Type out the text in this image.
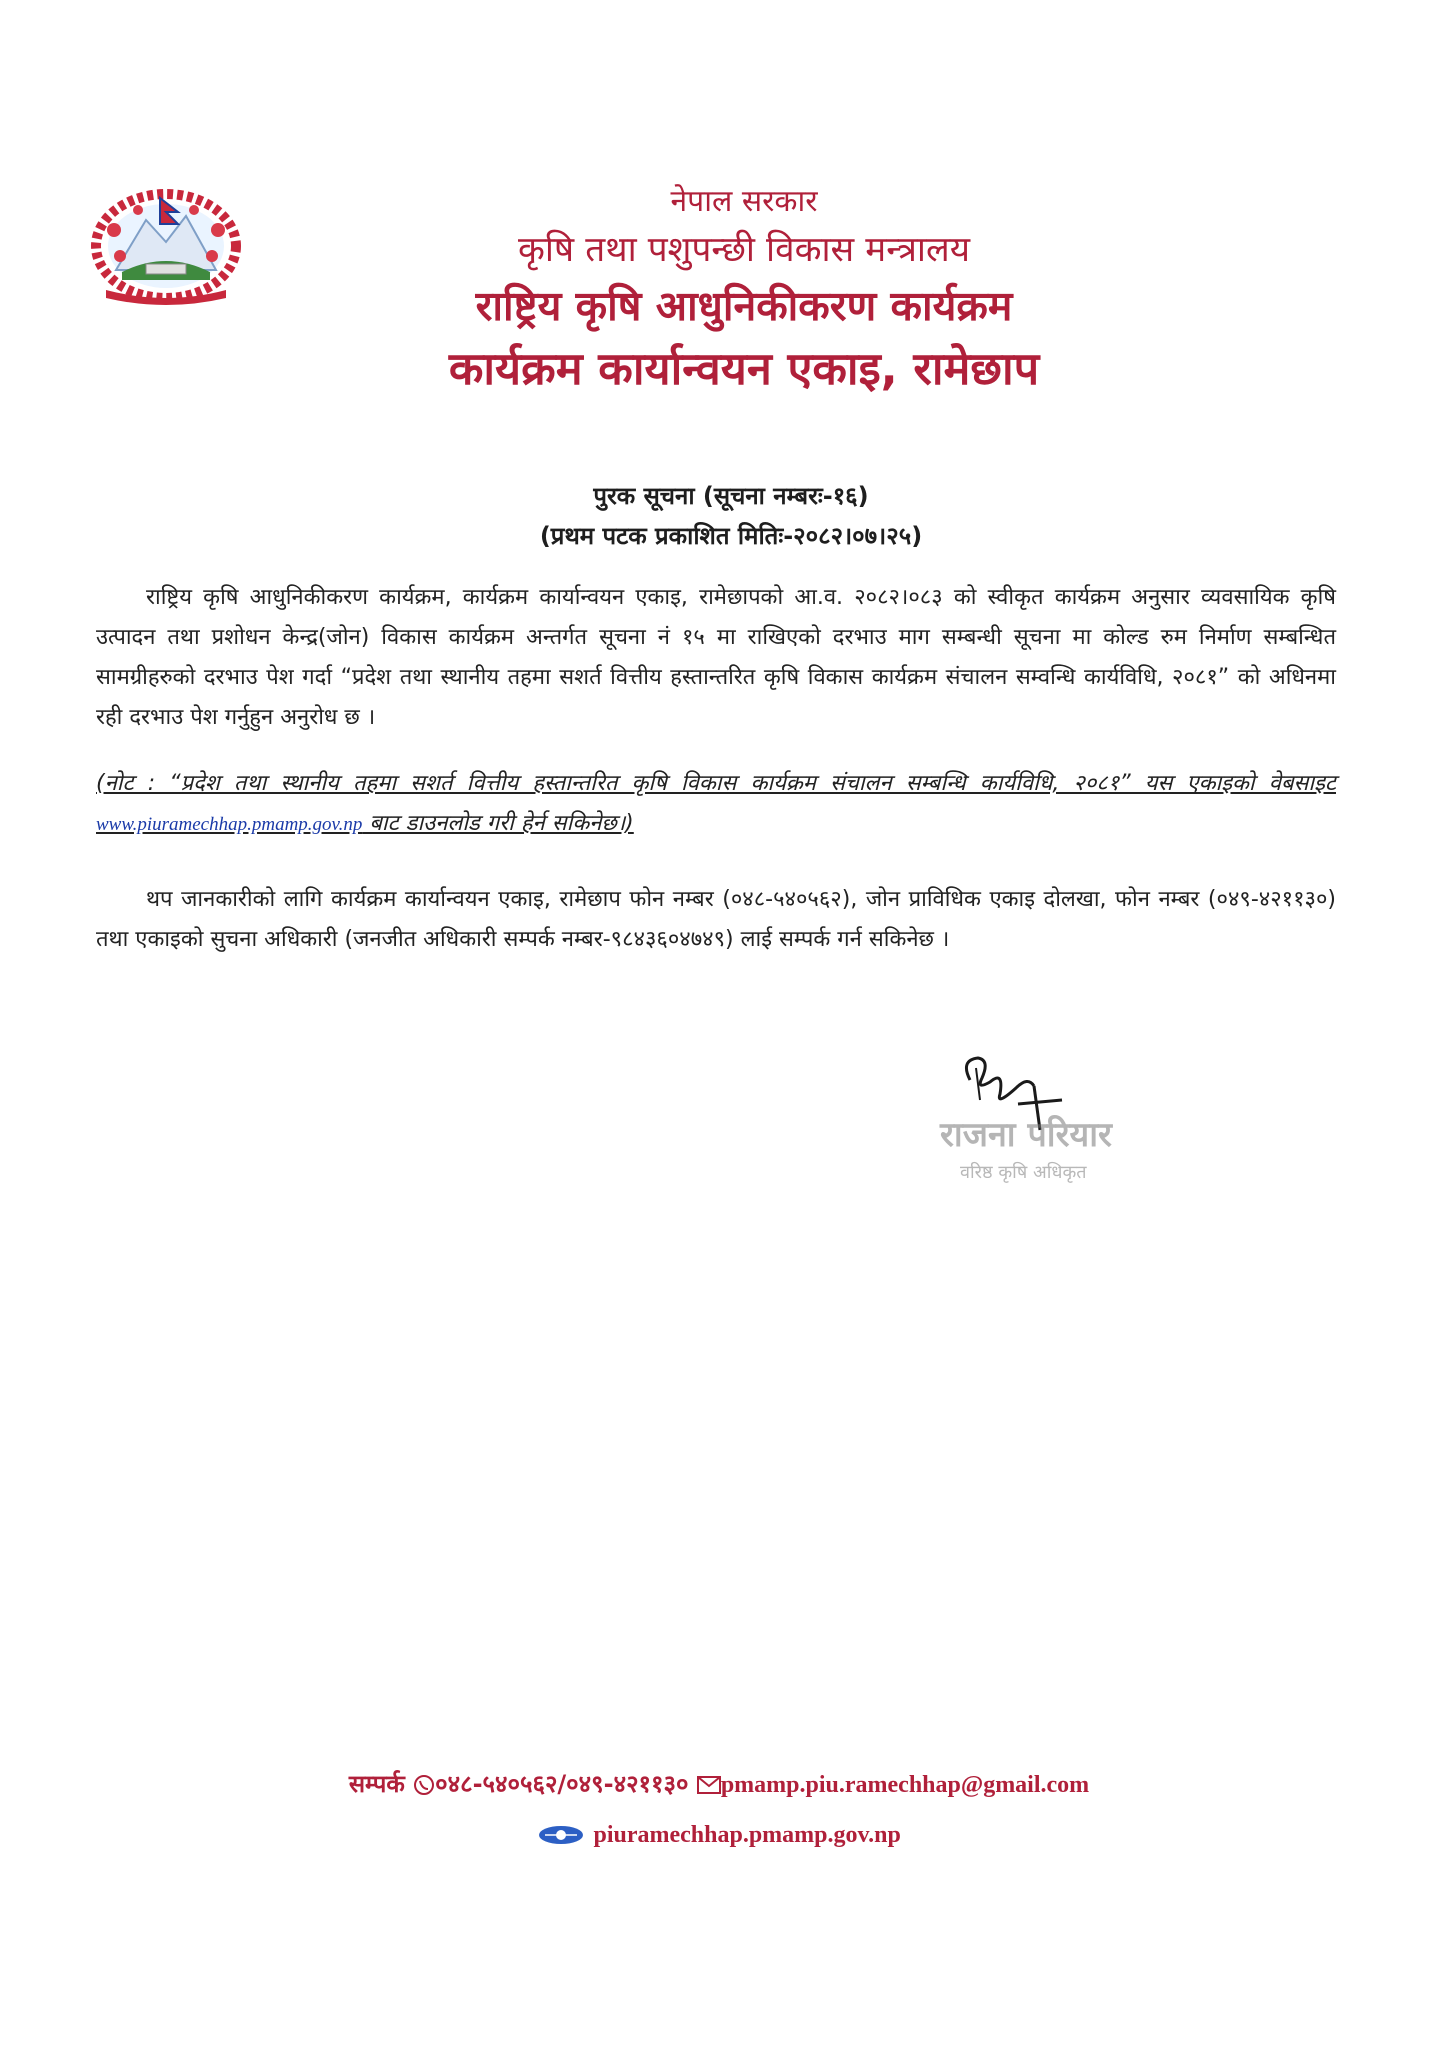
नेपाल सरकार
कृषि तथा पशुपन्छी विकास मन्त्रालय
राष्ट्रिय कृषि आधुनिकीकरण कार्यक्रम
कार्यक्रम कार्यान्वयन एकाइ, रामेछाप
पुरक सूचना (सूचना नम्बरः-१६)
(प्रथम पटक प्रकाशित मितिः-२०८२।०७।२५)
राष्ट्रिय कृषि आधुनिकीकरण कार्यक्रम, कार्यक्रम कार्यान्वयन एकाइ, रामेछापको आ.व. २०८२।०८३ को स्वीकृत कार्यक्रम अनुसार व्यवसायिक कृषि उत्पादन तथा प्रशोधन केन्द्र(जोन) विकास कार्यक्रम अन्तर्गत सूचना नं १५ मा राखिएको दरभाउ माग सम्बन्धी सूचना मा कोल्ड रुम निर्माण सम्बन्धित सामग्रीहरुको दरभाउ पेश गर्दा “प्रदेश तथा स्थानीय तहमा सशर्त वित्तीय हस्तान्तरित कृषि विकास कार्यक्रम संचालन सम्वन्धि कार्यविधि, २०८१” को अधिनमा रही दरभाउ पेश गर्नुहुन अनुरोध छ ।
(नोट : “प्रदेश तथा स्थानीय तहमा सशर्त वित्तीय हस्तान्तरित कृषि विकास कार्यक्रम संचालन सम्बन्धि कार्यविधि, २०८१” यस एकाइको वेबसाइट www.piuramechhap.pmamp.gov.np बाट डाउनलोड गरी हेर्न सकिनेछ।)
थप जानकारीको लागि कार्यक्रम कार्यान्वयन एकाइ, रामेछाप फोन नम्बर (०४८-५४०५६२), जोन प्राविधिक एकाइ दोलखा, फोन नम्बर (०४९-४२११३०) तथा एकाइको सुचना अधिकारी (जनजीत अधिकारी सम्पर्क नम्बर-९८४३६०४७४९) लाई सम्पर्क गर्न सकिनेछ ।
राजना परियार
वरिष्ठ कृषि अधिकृत
सम्पर्क ०४८-५४०५६२/०४९-४२११३० pmamp.piu.ramechhap@gmail.com
piuramechhap.pmamp.gov.np
